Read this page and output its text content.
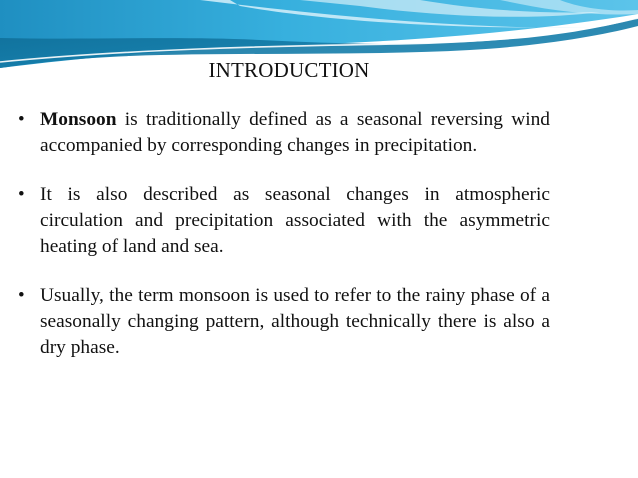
INTRODUCTION
• Monsoon is traditionally defined as a seasonal reversing wind accompanied by corresponding changes in precipitation.
• It is also described as seasonal changes in atmospheric circulation and precipitation associated with the asymmetric heating of land and sea.
• Usually, the term monsoon is used to refer to the rainy phase of a seasonally changing pattern, although technically there is also a dry phase.
